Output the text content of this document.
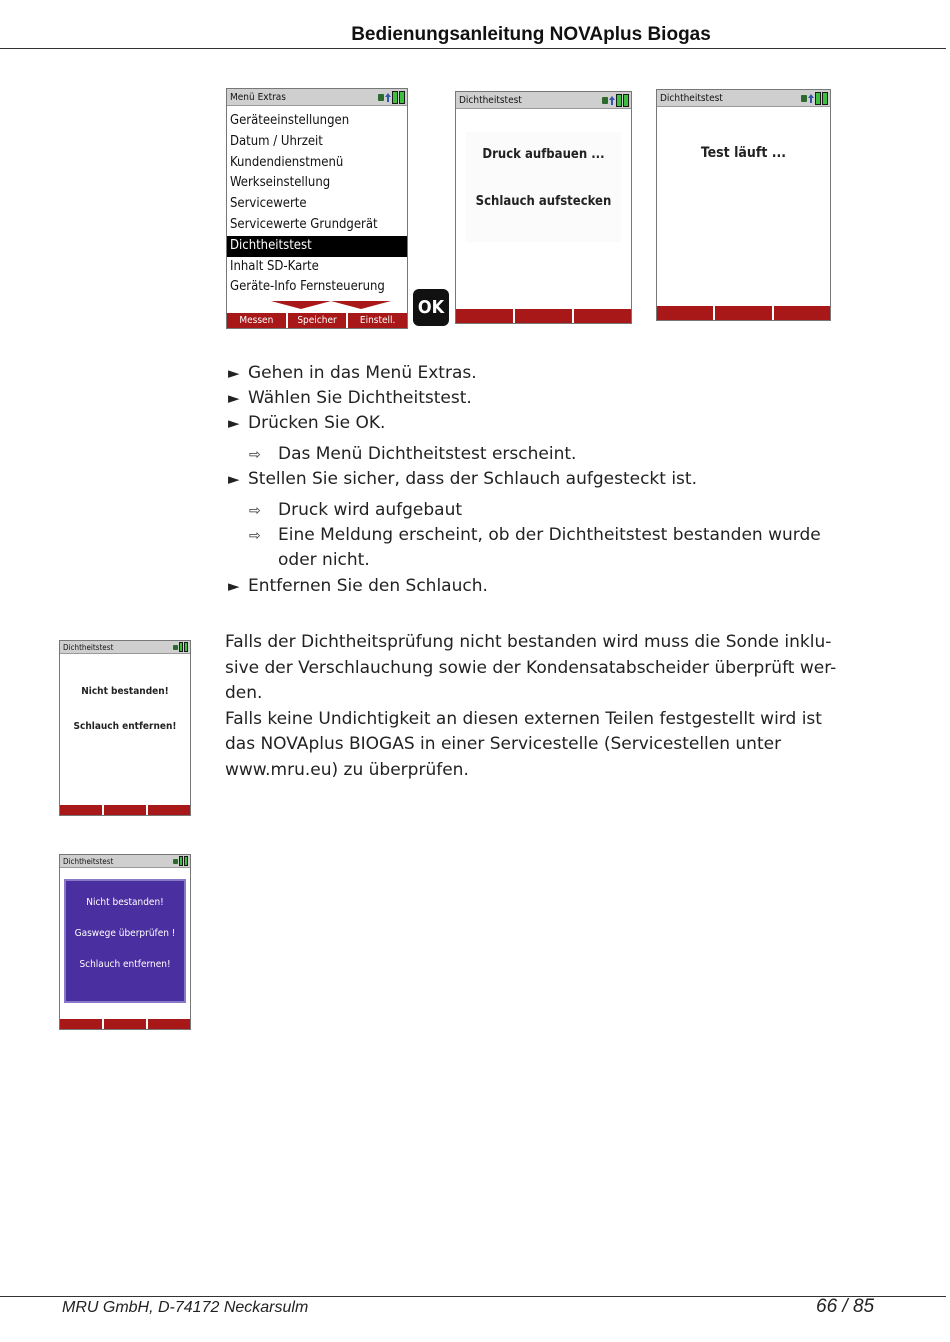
Bedienungsanleitung NOVAplus Biogas
Menü Extras
Geräteeinstellungen
Datum / Uhrzeit
Kundendienstmenü
Werkseinstellung
Servicewerte
Servicewerte Grundgerät
Dichtheitstest
Inhalt SD-Karte
Geräte-Info Fernsteuerung
Messen	Speicher	Einstell.
OK
Dichtheitstest
Druck aufbauen ...
Schlauch aufstecken
Dichtheitstest
Test läuft ...
► Gehen in das Menü Extras.
► Wählen Sie Dichtheitstest.
► Drücken Sie OK.
⇨ Das Menü Dichtheitstest erscheint.
► Stellen Sie sicher, dass der Schlauch aufgesteckt ist.
⇨ Druck wird aufgebaut
⇨ Eine Meldung erscheint, ob der Dichtheitstest bestanden wurde
oder nicht.
► Entfernen Sie den Schlauch.
Dichtheitstest
Nicht bestanden!
Schlauch entfernen!
Falls der Dichtheitsprüfung nicht bestanden wird muss die Sonde inklu-sive der Verschlauchung sowie der Kondensatabscheider überprüft wer-den.
Falls keine Undichtigkeit an diesen externen Teilen festgestellt wird ist das NOVAplus BIOGAS in einer Servicestelle (Servicestellen unter www.mru.eu) zu überprüfen.
Dichtheitstest
Nicht bestanden!
Gaswege überprüfen !
Schlauch entfernen!
MRU GmbH, D-74172 Neckarsulm	66 / 85
